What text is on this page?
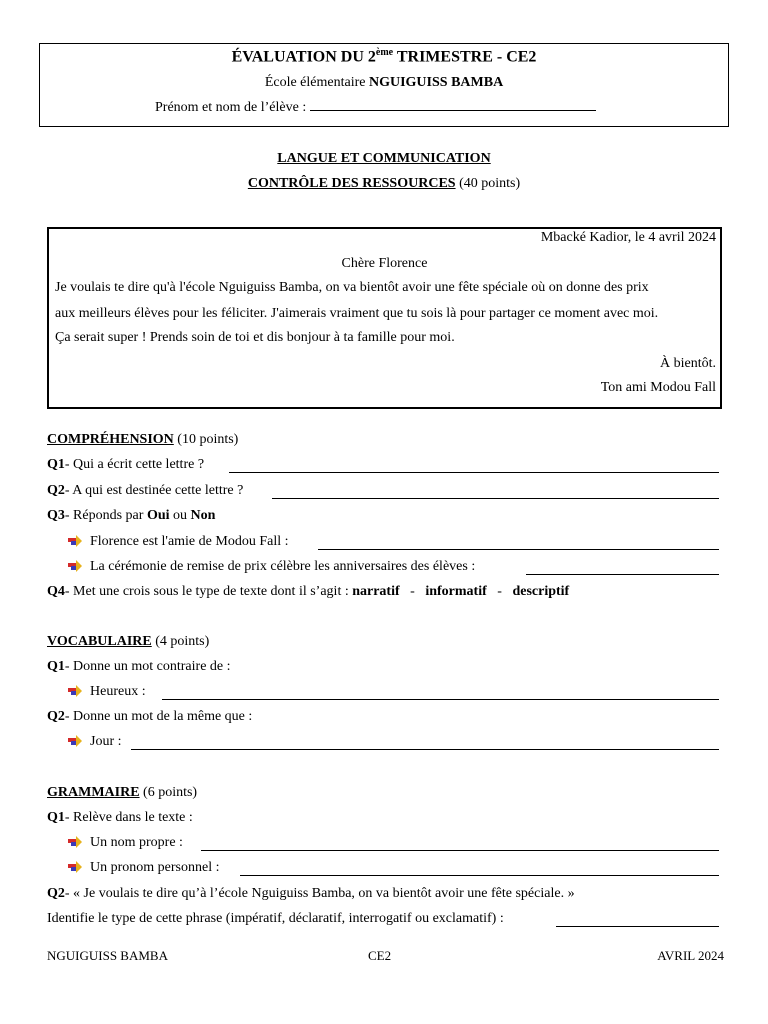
ÉVALUATION DU 2ème TRIMESTRE - CE2
École élémentaire NGUIGUISS BAMBA
Prénom et nom de l’élève :
LANGUE ET COMMUNICATION
CONTRÔLE DES RESSOURCES (40 points)
Mbacké Kadior, le 4 avril 2024
Chère Florence
Je voulais te dire qu'à l'école Nguiguiss Bamba, on va bientôt avoir une fête spéciale où on donne des prix
aux meilleurs élèves pour les féliciter. J'aimerais vraiment que tu sois là pour partager ce moment avec moi.
Ça serait super ! Prends soin de toi et dis bonjour à ta famille pour moi.
À bientôt.
Ton ami Modou Fall
COMPRÉHENSION (10 points)
Q1- Qui a écrit cette lettre ?
Q2- A qui est destinée cette lettre ?
Q3- Réponds par Oui ou Non
Florence est l'amie de Modou Fall :
La cérémonie de remise de prix célèbre les anniversaires des élèves :
Q4- Met une crois sous le type de texte dont il s’agit : narratif - informatif - descriptif
VOCABULAIRE (4 points)
Q1- Donne un mot contraire de :
Heureux :
Q2- Donne un mot de la même que :
Jour :
GRAMMAIRE (6 points)
Q1- Relève dans le texte :
Un nom propre :
Un pronom personnel :
Q2- « Je voulais te dire qu’à l’école Nguiguiss Bamba, on va bientôt avoir une fête spéciale. »
Identifie le type de cette phrase (impératif, déclaratif, interrogatif ou exclamatif) :
NGUIGUISS BAMBA	CE2	AVRIL 2024
